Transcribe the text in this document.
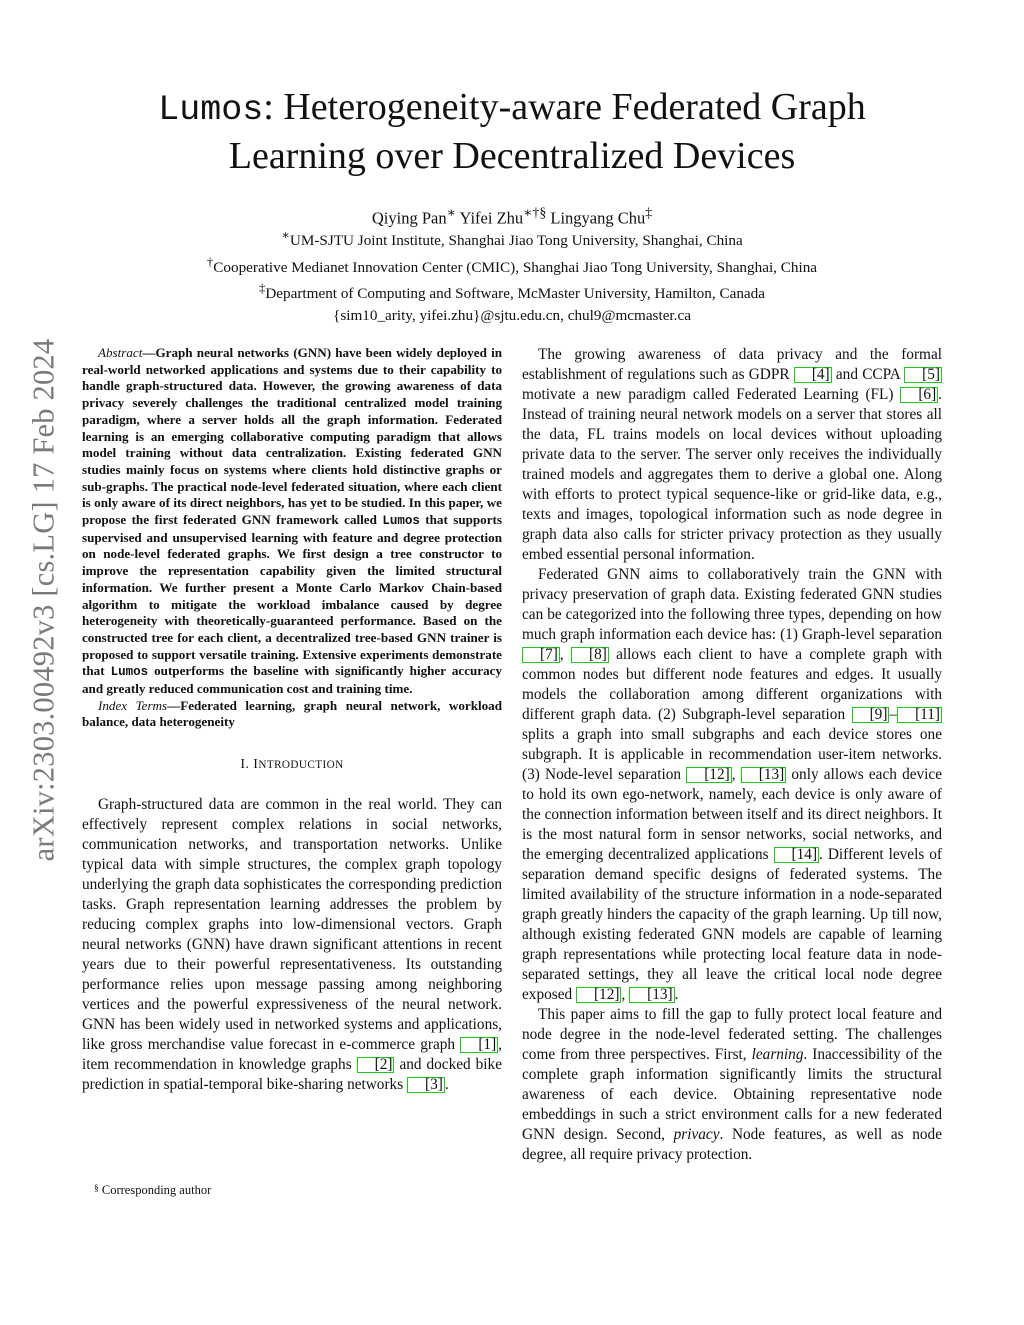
arXiv:2303.00492v3 [cs.LG] 17 Feb 2024
Lumos: Heterogeneity-aware Federated Graph
Learning over Decentralized Devices
Qiying Pan∗ Yifei Zhu∗†§ Lingyang Chu‡
∗UM-SJTU Joint Institute, Shanghai Jiao Tong University, Shanghai, China
†Cooperative Medianet Innovation Center (CMIC), Shanghai Jiao Tong University, Shanghai, China
‡Department of Computing and Software, McMaster University, Hamilton, Canada
{sim10_arity, yifei.zhu}@sjtu.edu.cn, chul9@mcmaster.ca

Abstract—Graph neural networks (GNN) have been widely deployed in real-world networked applications and systems due to their capability to handle graph-structured data. However, the growing awareness of data privacy severely challenges the traditional centralized model training paradigm, where a server holds all the graph information. Federated learning is an emerging collaborative computing paradigm that allows model training without data centralization. Existing federated GNN studies mainly focus on systems where clients hold distinctive graphs or sub-graphs. The practical node-level federated situation, where each client is only aware of its direct neighbors, has yet to be studied. In this paper, we propose the first federated GNN framework called Lumos that supports supervised and unsupervised learning with feature and degree protection on node-level federated graphs. We first design a tree constructor to improve the representation capability given the limited structural information. We further present a Monte Carlo Markov Chain-based algorithm to mitigate the workload imbalance caused by degree heterogeneity with theoretically-guaranteed performance. Based on the constructed tree for each client, a decentralized tree-based GNN trainer is proposed to support versatile training. Extensive experiments demonstrate that Lumos outperforms the baseline with significantly higher accuracy and greatly reduced communication cost and training time.

Index Terms—Federated learning, graph neural network, workload balance, data heterogeneity

I. INTRODUCTION

Graph-structured data are common in the real world. They can effectively represent complex relations in social networks, communication networks, and transportation networks. Unlike typical data with simple structures, the complex graph topology underlying the graph data sophisticates the corresponding prediction tasks. Graph representation learning addresses the problem by reducing complex graphs into low-dimensional vectors. Graph neural networks (GNN) have drawn significant attentions in recent years due to their powerful representativeness. Its outstanding performance relies upon message passing among neighboring vertices and the powerful expressiveness of the neural network. GNN has been widely used in networked systems and applications, like gross merchandise value forecast in e-commerce graph [1] , item recommendation in knowledge graphs [2] and docked bike prediction in spatial-temporal bike-sharing networks [3] .

§ Corresponding author

The growing awareness of data privacy and the formal establishment of regulations such as GDPR [4] and CCPA [5] motivate a new paradigm called Federated Learning (FL) [6] . Instead of training neural network models on a server that stores all the data, FL trains models on local devices without uploading private data to the server. The server only receives the individually trained models and aggregates them to derive a global one. Along with efforts to protect typical sequence-like or grid-like data, e.g., texts and images, topological information such as node degree in graph data also calls for stricter privacy protection as they usually embed essential personal information.

Federated GNN aims to collaboratively train the GNN with privacy preservation of graph data. Existing federated GNN studies can be categorized into the following three types, depending on how much graph information each device has: (1) Graph-level separation [7] , [8] allows each client to have a complete graph with common nodes but different node features and edges. It usually models the collaboration among different organizations with different graph data. (2) Subgraph-level separation [9] – [11] splits a graph into small subgraphs and each device stores one subgraph. It is applicable in recommendation user-item networks. (3) Node-level separation [12] , [13] only allows each device to hold its own ego-network, namely, each device is only aware of the connection information between itself and its direct neighbors. It is the most natural form in sensor networks, social networks, and the emerging decentralized applications [14] . Different levels of separation demand specific designs of federated systems. The limited availability of the structure information in a node-separated graph greatly hinders the capacity of the graph learning. Up till now, although existing federated GNN models are capable of learning graph representations while protecting local feature data in node-separated settings, they all leave the critical local node degree exposed [12] , [13] .

This paper aims to fill the gap to fully protect local feature and node degree in the node-level federated setting. The challenges come from three perspectives. First, learning. Inaccessibility of the complete graph information significantly limits the structural awareness of each device. Obtaining representative node embeddings in such a strict environment calls for a new federated GNN design. Second, privacy. Node features, as well as node degree, all require privacy protection.
